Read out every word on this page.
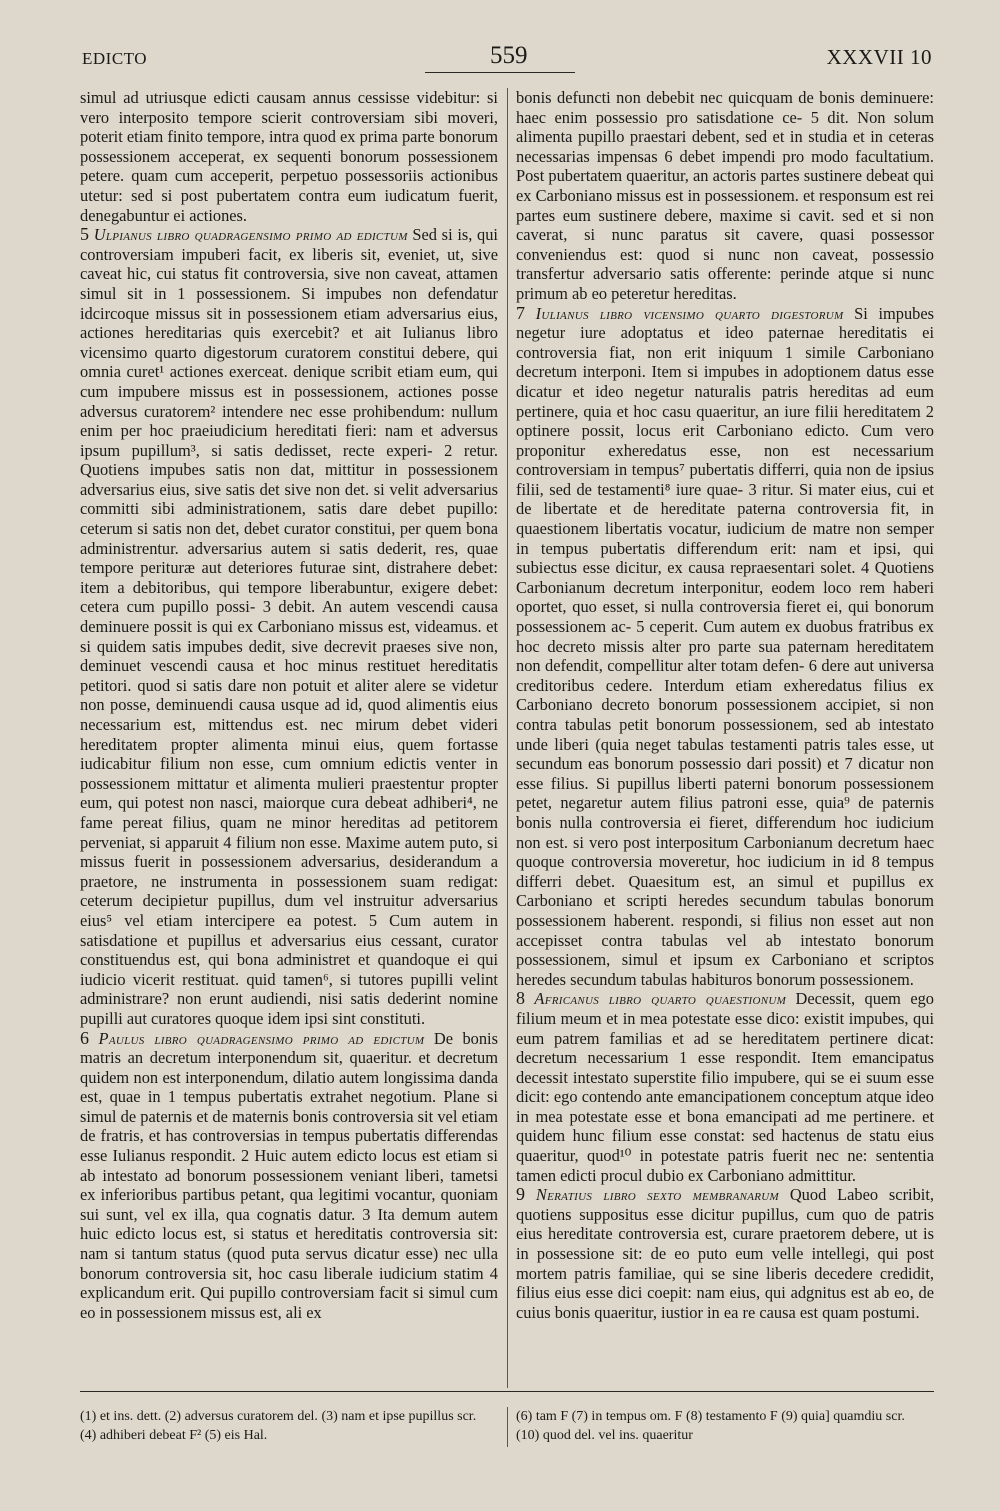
EDICTO	559	XXXVII 10

simul ad utriusque edicti causam annus cessisse videbitur: si vero interposito tempore scierit controversiam sibi moveri, poterit etiam finito tempore, intra quod ex prima parte bonorum possessionem acceperat, ex sequenti bonorum possessionem petere. quam cum acceperit, perpetuo possessoriis actionibus utetur: sed si post pubertatem contra eum iudicatum fuerit, denegabuntur ei actiones.

5 Ulpianus libro quadragensimo primo ad edictum Sed si is, qui controversiam impuberi facit, ex liberis sit, eveniet, ut, sive caveat hic, cui status fit controversia, sive non caveat, attamen simul sit in 1 possessionem. Si impubes non defendatur idcircoque missus sit in possessionem etiam adversarius eius, actiones hereditarias quis exercebit? et ait Iulianus libro vicensimo quarto digestorum curatorem constitui debere, qui omnia curet¹ actiones exerceat. denique scribit etiam eum, qui cum impubere missus est in possessionem, actiones posse adversus curatorem² intendere nec esse prohibendum: nullum enim per hoc praeiudicium hereditati fieri: nam et adversus ipsum pupillum³, si satis dedisset, recte experi- 2 retur. Quotiens impubes satis non dat, mittitur in possessionem adversarius eius, sive satis det sive non det. si velit adversarius committi sibi administrationem, satis dare debet pupillo: ceterum si satis non det, debet curator constitui, per quem bona administrentur. adversarius autem si satis dederit, res, quae tempore perituræ aut deteriores futurae sint, distrahere debet: item a debitoribus, qui tempore liberabuntur, exigere debet: cetera cum pupillo possi- 3 debit. An autem vescendi causa deminuere possit is qui ex Carboniano missus est, videamus. et si quidem satis impubes dedit, sive decrevit praeses sive non, deminuet vescendi causa et hoc minus restituet hereditatis petitori. quod si satis dare non potuit et aliter alere se videtur non posse, deminuendi causa usque ad id, quod alimentis eius necessarium est, mittendus est. nec mirum debet videri hereditatem propter alimenta minui eius, quem fortasse iudicabitur filium non esse, cum omnium edictis venter in possessionem mittatur et alimenta mulieri praestentur propter eum, qui potest non nasci, maiorque cura debeat adhiberi⁴, ne fame pereat filius, quam ne minor hereditas ad petitorem perveniat, si apparuit 4 filium non esse. Maxime autem puto, si missus fuerit in possessionem adversarius, desiderandum a praetore, ne instrumenta in possessionem suam redigat: ceterum decipietur pupillus, dum vel instruitur adversarius eius⁵ vel etiam intercipere ea potest. 5 Cum autem in satisdatione et pupillus et adversarius eius cessant, curator constituendus est, qui bona administret et quandoque ei qui iudicio vicerit restituat. quid tamen⁶, si tutores pupilli velint administrare? non erunt audiendi, nisi satis dederint nomine pupilli aut curatores quoque idem ipsi sint constituti.

6 Paulus libro quadragensimo primo ad edictum De bonis matris an decretum interponendum sit, quaeritur. et decretum quidem non est interponendum, dilatio autem longissima danda est, quae in 1 tempus pubertatis extrahet negotium. Plane si simul de paternis et de maternis bonis controversia sit vel etiam de fratris, et has controversias in tempus pubertatis differendas esse Iulianus respondit. 2 Huic autem edicto locus est etiam si ab intestato ad bonorum possessionem veniant liberi, tametsi ex inferioribus partibus petant, qua legitimi vocantur, quoniam sui sunt, vel ex illa, qua cognatis datur. 3 Ita demum autem huic edicto locus est, si status et hereditatis controversia sit: nam si tantum status (quod puta servus dicatur esse) nec ulla bonorum controversia sit, hoc casu liberale iudicium statim 4 explicandum erit. Qui pupillo controversiam facit si simul cum eo in possessionem missus est, ali ex

bonis defuncti non debebit nec quicquam de bonis deminuere: haec enim possessio pro satisdatione ce- 5 dit. Non solum alimenta pupillo praestari debent, sed et in studia et in ceteras necessarias impensas 6 debet impendi pro modo facultatium. Post pubertatem quaeritur, an actoris partes sustinere debeat qui ex Carboniano missus est in possessionem. et responsum est rei partes eum sustinere debere, maxime si cavit. sed et si non caverat, si nunc paratus sit cavere, quasi possessor conveniendus est: quod si nunc non caveat, possessio transfertur adversario satis offerente: perinde atque si nunc primum ab eo peteretur hereditas.

7 Iulianus libro vicensimo quarto digestorum Si impubes negetur iure adoptatus et ideo paternae hereditatis ei controversia fiat, non erit iniquum 1 simile Carboniano decretum interponi. Item si impubes in adoptionem datus esse dicatur et ideo negetur naturalis patris hereditas ad eum pertinere, quia et hoc casu quaeritur, an iure filii hereditatem 2 optinere possit, locus erit Carboniano edicto. Cum vero proponitur exheredatus esse, non est necessarium controversiam in tempus⁷ pubertatis differri, quia non de ipsius filii, sed de testamenti⁸ iure quae- 3 ritur. Si mater eius, cui et de libertate et de hereditate paterna controversia fit, in quaestionem libertatis vocatur, iudicium de matre non semper in tempus pubertatis differendum erit: nam et ipsi, qui subiectus esse dicitur, ex causa repraesentari solet. 4 Quotiens Carbonianum decretum interponitur, eodem loco rem haberi oportet, quo esset, si nulla controversia fieret ei, qui bonorum possessionem ac- 5 ceperit. Cum autem ex duobus fratribus ex hoc decreto missis alter pro parte sua paternam hereditatem non defendit, compellitur alter totam defen- 6 dere aut universa creditoribus cedere. Interdum etiam exheredatus filius ex Carboniano decreto bonorum possessionem accipiet, si non contra tabulas petit bonorum possessionem, sed ab intestato unde liberi (quia neget tabulas testamenti patris tales esse, ut secundum eas bonorum possessio dari possit) et 7 dicatur non esse filius. Si pupillus liberti paterni bonorum possessionem petet, negaretur autem filius patroni esse, quia⁹ de paternis bonis nulla controversia ei fieret, differendum hoc iudicium non est. si vero post interpositum Carbonianum decretum haec quoque controversia moveretur, hoc iudicium in id 8 tempus differri debet. Quaesitum est, an simul et pupillus ex Carboniano et scripti heredes secundum tabulas bonorum possessionem haberent. respondi, si filius non esset aut non accepisset contra tabulas vel ab intestato bonorum possessionem, simul et ipsum ex Carboniano et scriptos heredes secundum tabulas habituros bonorum possessionem.

8 Africanus libro quarto quaestionum Decessit, quem ego filium meum et in mea potestate esse dico: existit impubes, qui eum patrem familias et ad se hereditatem pertinere dicat: decretum necessarium 1 esse respondit. Item emancipatus decessit intestato superstite filio impubere, qui se ei suum esse dicit: ego contendo ante emancipationem conceptum atque ideo in mea potestate esse et bona emancipati ad me pertinere. et quidem hunc filium esse constat: sed hactenus de statu eius quaeritur, quod¹⁰ in potestate patris fuerit nec ne: sententia tamen edicti procul dubio ex Carboniano admittitur.

9 Neratius libro sexto membranarum Quod Labeo scribit, quotiens suppositus esse dicitur pupillus, cum quo de patris eius hereditate controversia est, curare praetorem debere, ut is in possessione sit: de eo puto eum velle intellegi, qui post mortem patris familiae, qui se sine liberis decedere credidit, filius eius esse dici coepit: nam eius, qui adgnitus est ab eo, de cuius bonis quaeritur, iustior in ea re causa est quam postumi.

(1) et ins. dett. (2) adversus curatorem del. (3) nam et ipse pupillus scr. (4) adhiberi debeat F² (5) eis Hal.
(6) tam F (7) in tempus om. F (8) testamento F (9) quia] quamdiu scr. (10) quod del. vel ins. quaeritur
